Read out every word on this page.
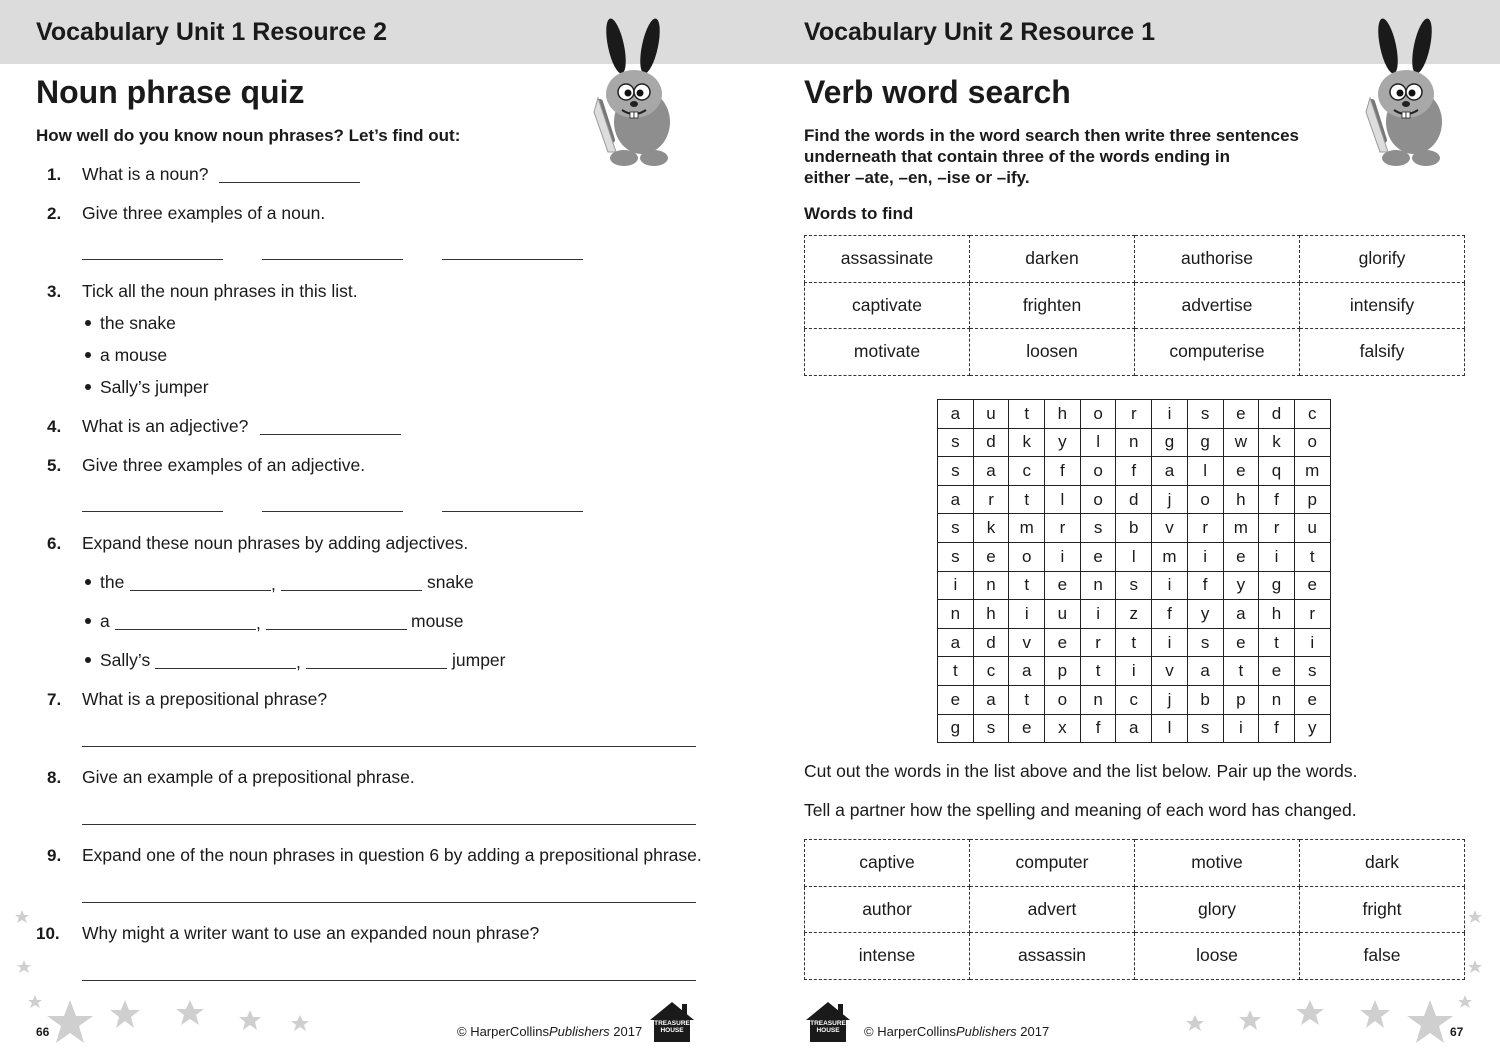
Vocabulary Unit 1 Resource 2
Noun phrase quiz
How well do you know noun phrases? Let’s find out:
1. What is a noun?
2. Give three examples of a noun.
3. Tick all the noun phrases in this list.
the snake
a mouse
Sally’s jumper
4. What is an adjective?
5. Give three examples of an adjective.
6. Expand these noun phrases by adding adjectives.
the	,	snake
a	,	mouse
Sally’s	,	jumper
7. What is a prepositional phrase?
8. Give an example of a prepositional phrase.
9. Expand one of the noun phrases in question 6 by adding a prepositional phrase.
10. Why might a writer want to use an expanded noun phrase?
66	© HarperCollinsPublishers 2017
TREASURE
HOUSE
Vocabulary Unit 2 Resource 1
Verb word search
Find the words in the word search then write three sentences
underneath that contain three of the words ending in
either –ate, –en, –ise or –ify.
Words to find
assassinate	darken	authorise	glorify
captivate	frighten	advertise	intensify
motivate	loosen	computerise	falsify
a	u	t	h	o	r	i	s	e	d	c
s	d	k	y	l	n	g	g	w	k	o
s	a	c	f	o	f	a	l	e	q	m
a	r	t	l	o	d	j	o	h	f	p
s	k	m	r	s	b	v	r	m	r	u
s	e	o	i	e	l	m	i	e	i	t
i	n	t	e	n	s	i	f	y	g	e
n	h	i	u	i	z	f	y	a	h	r
a	d	v	e	r	t	i	s	e	t	i
t	c	a	p	t	i	v	a	t	e	s
e	a	t	o	n	c	j	b	p	n	e
g	s	e	x	f	a	l	s	i	f	y
Cut out the words in the list above and the list below. Pair up the words.
Tell a partner how the spelling and meaning of each word has changed.
captive	computer	motive	dark
author	advert	glory	fright
intense	assassin	loose	false
TREASURE
HOUSE	© HarperCollinsPublishers 2017	67
